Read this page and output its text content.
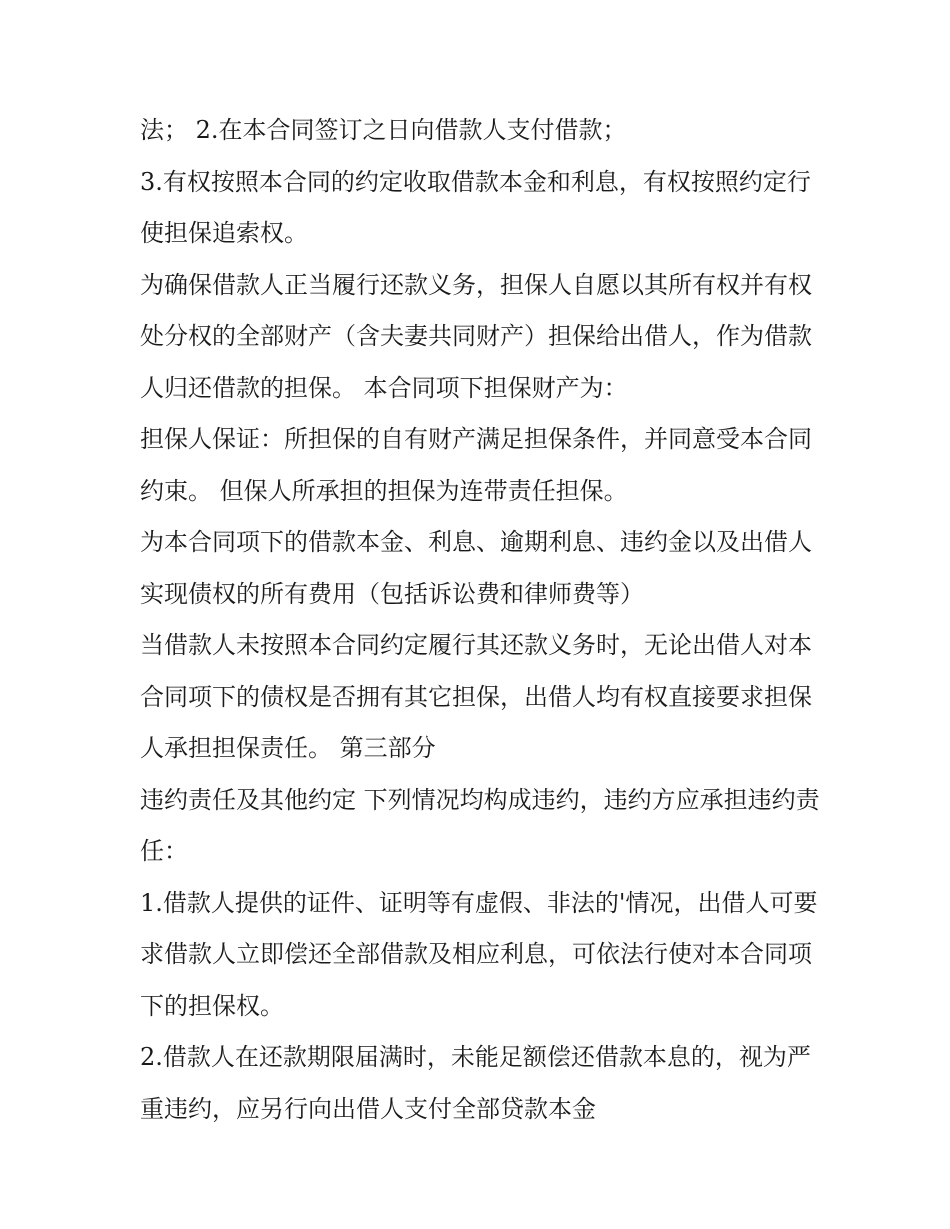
法； 2.在本合同签订之日向借款人支付借款；

3.有权按照本合同的约定收取借款本金和利息，有权按照约定行使担保追索权。

为确保借款人正当履行还款义务，担保人自愿以其所有权并有权处分权的全部财产（含夫妻共同财产）担保给出借人，作为借款人归还借款的担保。 本合同项下担保财产为：

担保人保证：所担保的自有财产满足担保条件，并同意受本合同约束。 但保人所承担的担保为连带责任担保。

为本合同项下的借款本金、利息、逾期利息、违约金以及出借人实现债权的所有费用（包括诉讼费和律师费等）

当借款人未按照本合同约定履行其还款义务时，无论出借人对本合同项下的债权是否拥有其它担保，出借人均有权直接要求担保人承担担保责任。 第三部分

违约责任及其他约定 下列情况均构成违约，违约方应承担违约责任：

1.借款人提供的证件、证明等有虚假、非法的'情况，出借人可要求借款人立即偿还全部借款及相应利息，可依法行使对本合同项下的担保权。

2.借款人在还款期限届满时，未能足额偿还借款本息的，视为严重违约，应另行向出借人支付全部贷款本金
